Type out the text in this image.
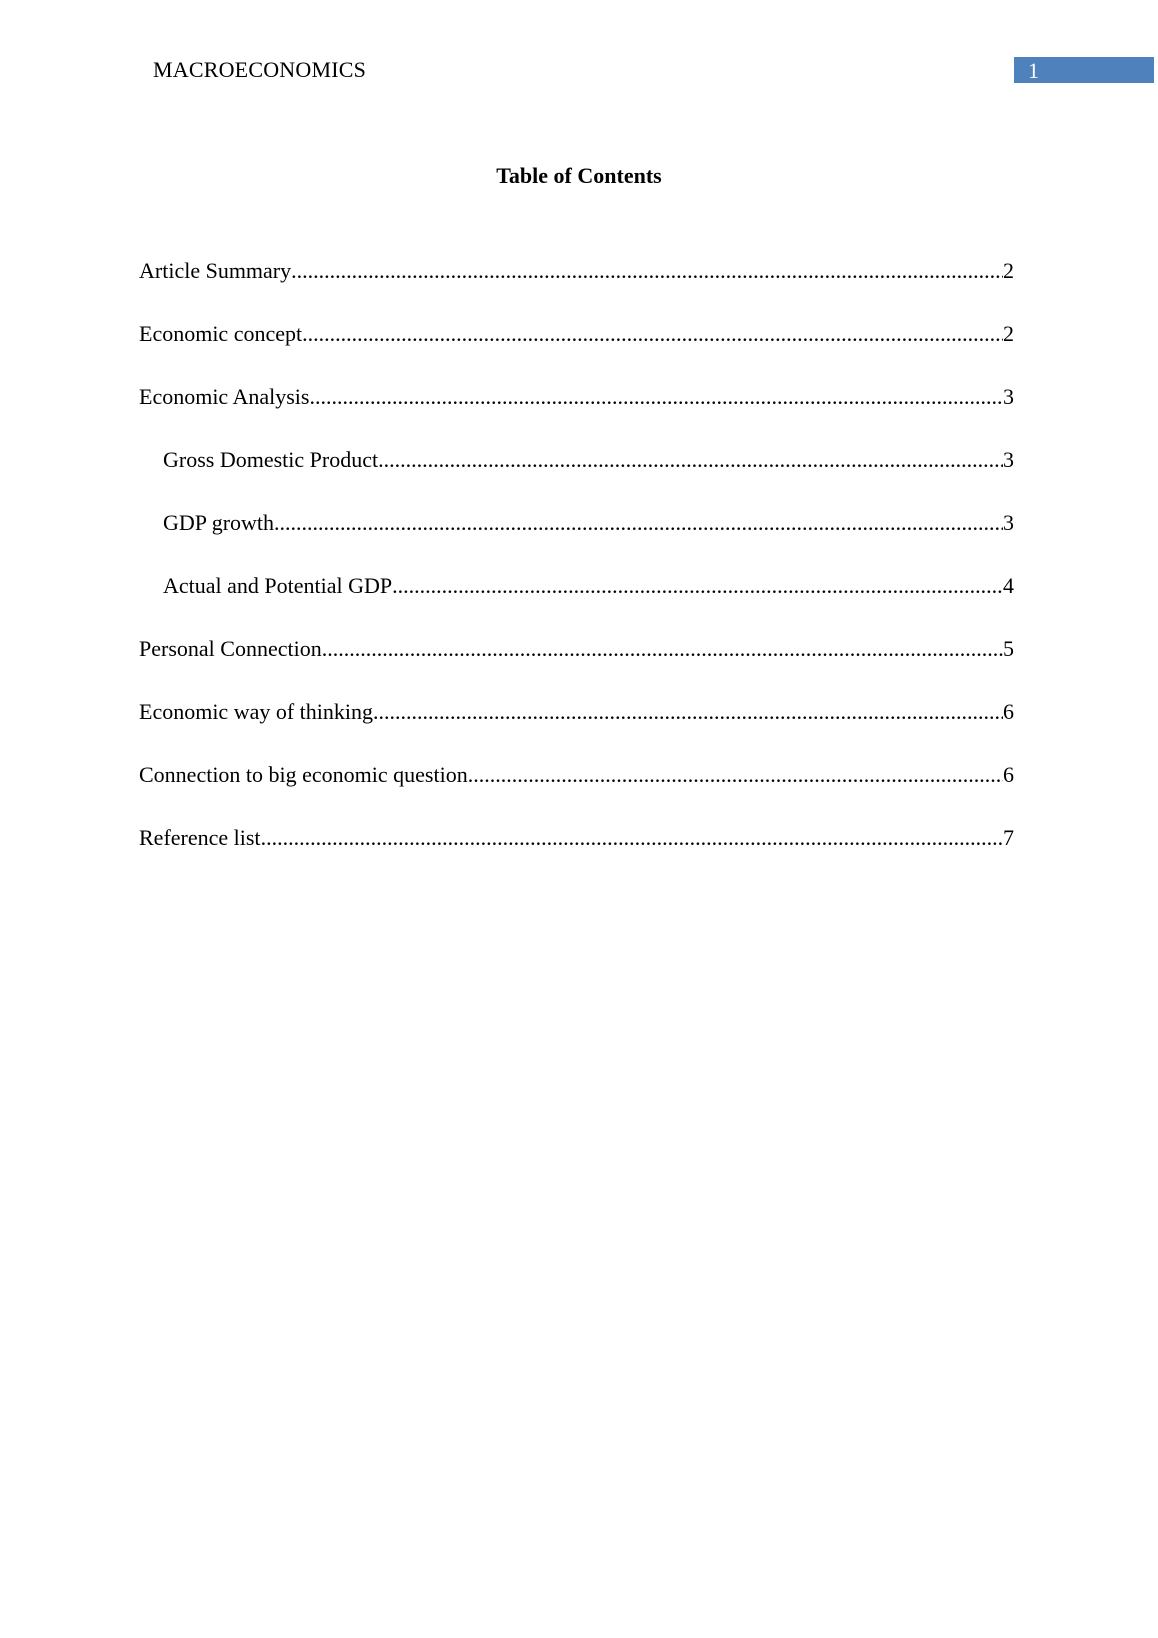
MACROECONOMICS	1
Table of Contents
Article Summary .....	2
Economic concept .....	2
Economic Analysis .....	3
Gross Domestic Product .....	3
GDP growth .....	3
Actual and Potential GDP .....	4
Personal Connection .....	5
Economic way of thinking .....	6
Connection to big economic question .....	6
Reference list .....	7
